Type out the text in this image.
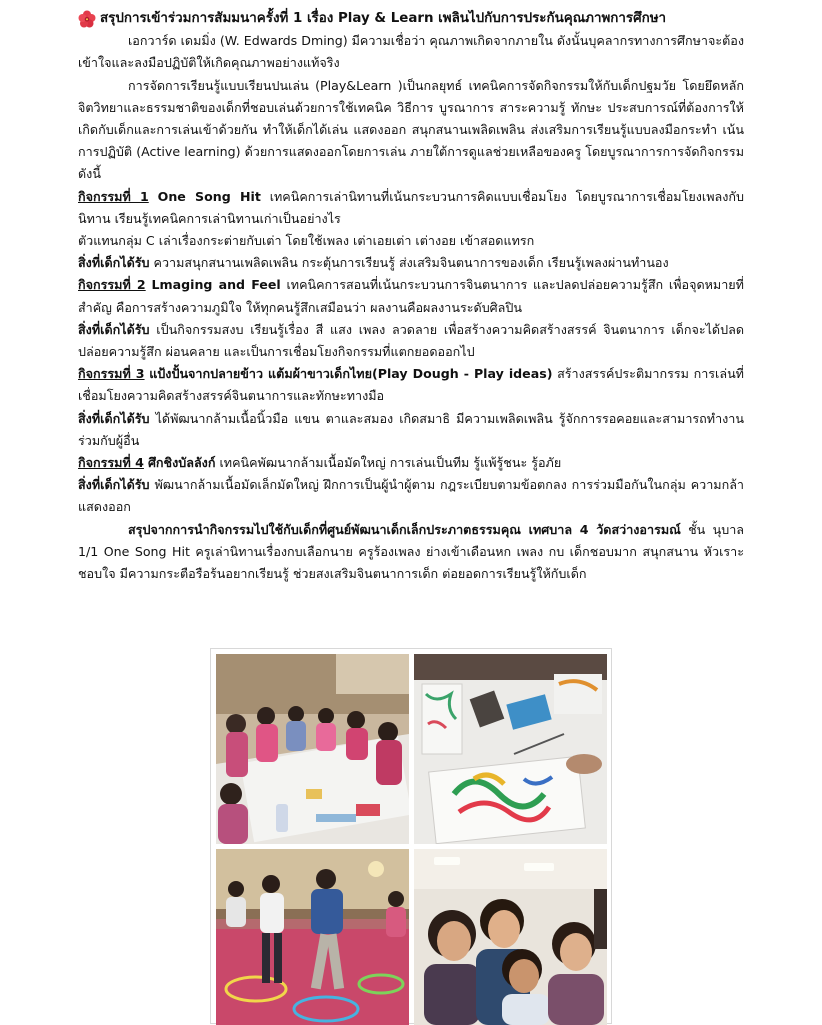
สรุปการเข้าร่วมการสัมมนาครั้งที่ 1 เรื่อง Play & Learn เพลินไปกับการประกันคุณภาพการศึกษา

เอกวาร์ด เดมมิ่ง (W. Edwards Dming) มีความเชื่อว่า คุณภาพเกิดจากภายใน ดังนั้นบุคลากรทางการศึกษาจะต้องเข้าใจและลงมือปฏิบัติให้เกิดคุณภาพอย่างแท้จริง

การจัดการเรียนรู้แบบเรียนปนเล่น (Play&Learn )เป็นกลยุทธ์ เทคนิคการจัดกิจกรรมให้กับเด็กปฐมวัย โดยยึดหลักจิตวิทยาและธรรมชาติของเด็กที่ชอบเล่นด้วยการใช้เทคนิค วิธีการ บูรณาการ สาระความรู้ ทักษะ ประสบการณ์ที่ต้องการให้เกิดกับเด็กและการเล่นเข้าด้วยกัน ทำให้เด็กได้เล่น แสดงออก สนุกสนานเพลิดเพลิน ส่งเสริมการเรียนรู้แบบลงมือกระทำ เน้นการปฏิบัติ (Active learning) ด้วยการแสดงออกโดยการเล่น ภายใต้การดูแลช่วยเหลือของครู โดยบูรณาการการจัดกิจกรรมดังนี้

กิจกรรมที่ 1 One Song Hit เทคนิคการเล่านิทานที่เน้นกระบวนการคิดแบบเชื่อมโยง โดยบูรณาการเชื่อมโยงเพลงกับนิทาน เรียนรู้เทคนิคการเล่านิทานเก่าเป็นอย่างไร

ตัวแทนกลุ่ม C เล่าเรื่องกระต่ายกับเต่า โดยใช้เพลง เต่าเอยเต่า เต่างอย เข้าสอดแทรก

สิ่งที่เด็กได้รับ ความสนุกสนานเพลิดเพลิน กระตุ้นการเรียนรู้ ส่งเสริมจินตนาการของเด็ก เรียนรู้เพลงผ่านทำนอง

กิจกรรมที่ 2 Lmaging and Feel เทคนิคการสอนที่เน้นกระบวนการจินตนาการ และปลดปล่อยความรู้สึก เพื่อจุดหมายที่สำคัญ คือการสร้างความภูมิใจ ให้ทุกคนรู้สึกเสมือนว่า ผลงานคือผลงานระดับศิลปิน

สิ่งที่เด็กได้รับ เป็นกิจกรรมสงบ เรียนรู้เรื่อง สี แสง เพลง ลวดลาย เพื่อสร้างความคิดสร้างสรรค์ จินตนาการ เด็กจะได้ปลดปล่อยความรู้สึก ผ่อนคลาย และเป็นการเชื่อมโยงกิจกรรมที่แตกยอดออกไป

กิจกรรมที่ 3 แป้งปั้นจากปลายข้าว แต้มผ้าขาวเด็กไทย(Play Dough - Play ideas) สร้างสรรค์ประติมากรรม การเล่นที่เชื่อมโยงความคิดสร้างสรรค์จินตนาการและทักษะทางมือ

สิ่งที่เด็กได้รับ ได้พัฒนากล้ามเนื้อนิ้วมือ แขน ตาและสมอง เกิดสมาธิ มีความเพลิดเพลิน รู้จักการรอคอยและสามารถทำงานร่วมกับผู้อื่น

กิจกรรมที่ 4 ศึกชิงบัลลังก์ เทคนิคพัฒนากล้ามเนื้อมัดใหญ่ การเล่นเป็นทีม รู้แพ้รู้ชนะ รู้อภัย

สิ่งที่เด็กได้รับ พัฒนากล้ามเนื้อมัดเล็กมัดใหญ่ ฝึกการเป็นผู้นำผู้ตาม กฎระเบียบตามข้อตกลง การร่วมมือกันในกลุ่ม ความกล้าแสดงออก

สรุปจากการนำกิจกรรมไปใช้กับเด็กที่ศูนย์พัฒนาเด็กเล็กประภาตธรรมคุณ เทศบาล 4 วัดสว่างอารมณ์ ชั้น นุบาล 1/1 One Song Hit ครูเล่านิทานเรื่องกบเลือกนาย ครูร้องเพลง ย่างเข้าเดือนหก เพลง กบ เด็กชอบมาก สนุกสนาน หัวเราะชอบใจ มีความกระตือรือร้นอยากเรียนรู้ ช่วยสงเสริมจินตนาการเด็ก ต่อยอดการเรียนรู้ให้กับเด็ก
